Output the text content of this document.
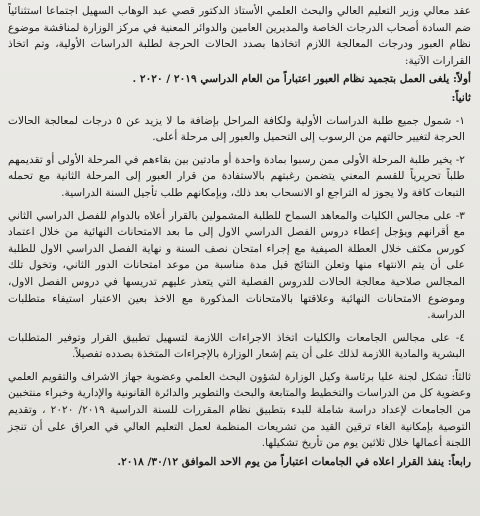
عقد معالي وزير التعليم العالي والبحث العلمي الأستاذ الدكتور قصي عبد الوهاب السهيل اجتماعا استثنائياً ضم السادة أصحاب الدرجات الخاصة والمديرين العامين والدوائر المعنية في مركز الوزارة لمناقشة موضوع نظام العبور ودرجات المعالجة اللازم اتخاذها بصدد الحالات الحرجة لطلبة الدراسات الأولية، وتم اتخاذ القرارات الآتية:

أولاً: يلغى العمل بتجميد نظام العبور اعتباراً من العام الدراسي ٢٠١٩ / ٢٠٢٠ .

ثانياً:

١- شمول جميع طلبة الدراسات الأولية ولكافة المراحل بإضافة ما لا يزيد عن ٥ درجات لمعالجة الحالات الحرجة لتغيير حالتهم من الرسوب إلى التحميل والعبور إلى مرحلة أعلى.

٢- يخير طلبة المرحلة الأولى ممن رسبوا بمادة واحدة أو مادتين بين بقاءهم في المرحلة الأولى أو تقديمهم طلباً تحريرياً للقسم المعني يتضمن رغبتهم بالاستفادة من قرار العبور إلى المرحلة الثانية مع تحمله التبعات كافة ولا يجوز له التراجع او الانسحاب بعد ذلك، وبإمكانهم طلب تأجيل السنة الدراسية.

٣- على مجالس الكليات والمعاهد السماح للطلبة المشمولين بالقرار أعلاه بالدوام للفصل الدراسي الثاني مع أقرانهم ويؤجل إعطاء دروس الفصل الدراسي الاول إلى ما بعد الامتحانات النهائية من خلال اعتماد كورس مكثف خلال العطلة الصيفية مع إجراء امتحان نصف السنة و نهاية الفصل الدراسي الاول للطلبة على أن يتم الانتهاء منها وتعلن النتائج قبل مدة مناسبة من موعد امتحانات الدور الثاني، وتخول تلك المجالس صلاحية معالجة الحالات للدروس الفصلية التي يتعذر عليهم تدريسها في دروس الفصل الاول، وموضوع الامتحانات النهائية وعلاقتها بالامتحانات المذكورة مع الاخذ بعين الاعتبار استيفاء متطلبات الدراسة.

٤- على مجالس الجامعات والكليات اتخاذ الاجراءات اللازمة لتسهيل تطبيق القرار وتوفير المتطلبات البشرية والمادية اللازمة لذلك على أن يتم إشعار الوزارة بالإجراءات المتخذة بصدده تفصيلاً.

ثالثاً: تشكل لجنة عليا برئاسة وكيل الوزارة لشؤون البحث العلمي وعضوية جهاز الاشراف والتقويم العلمي وعضوية كل من الدراسات والتخطيط والمتابعة والبحث والتطوير والدائرة القانونية والإدارية وخبراء منتخبين من الجامعات لإعداد دراسة شاملة للبدء بتطبيق نظام المقررات للسنة الدراسية ٢٠١٩/ ٢٠٢٠ ، وتقديم التوصية بإمكانية الغاء ترقين القيد من تشريعات المنظمة لعمل التعليم العالي في العراق على أن تنجز اللجنة أعمالها خلال ثلاثين يوم من تأريخ تشكيلها.

رابعاً: ينفذ القرار اعلاه في الجامعات اعتباراً من يوم الاحد الموافق ٣٠/١٢/ ٢٠١٨.
